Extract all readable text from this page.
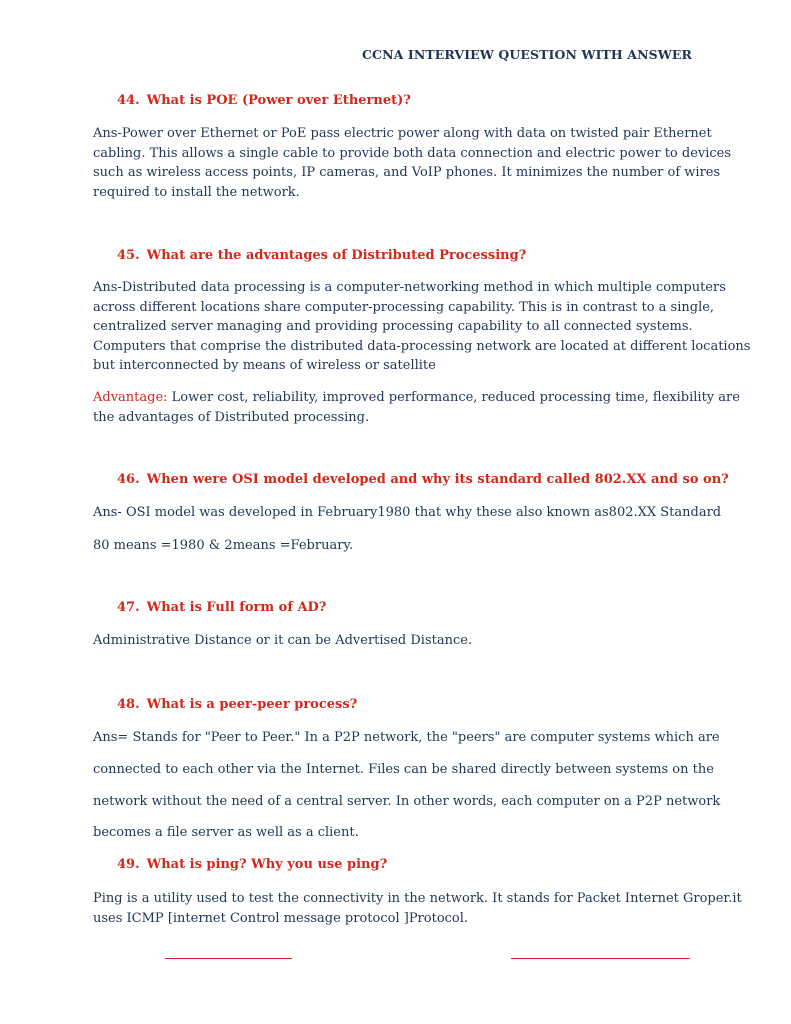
CCNA INTERVIEW QUESTION WITH ANSWER
44. What is POE (Power over Ethernet)?
Ans-Power over Ethernet or PoE pass electric power along with data on twisted pair Ethernet
cabling. This allows a single cable to provide both data connection and electric power to devices
such as wireless access points, IP cameras, and VoIP phones. It minimizes the number of wires
required to install the network.
45. What are the advantages of Distributed Processing?
Ans-Distributed data processing is a computer-networking method in which multiple computers
across different locations share computer-processing capability. This is in contrast to a single,
centralized server managing and providing processing capability to all connected systems.
Computers that comprise the distributed data-processing network are located at different locations
but interconnected by means of wireless or satellite
Advantage: Lower cost, reliability, improved performance, reduced processing time, flexibility are
the advantages of Distributed processing.
46. When were OSI model developed and why its standard called 802.XX and so on?
Ans- OSI model was developed in February1980 that why these also known as802.XX Standard
80 means =1980 & 2means =February.
47. What is Full form of AD?
Administrative Distance or it can be Advertised Distance.
48. What is a peer-peer process?
Ans= Stands for "Peer to Peer." In a P2P network, the "peers" are computer systems which are
connected to each other via the Internet. Files can be shared directly between systems on the
network without the need of a central server. In other words, each computer on a P2P network
becomes a file server as well as a client.
49. What is ping? Why you use ping?
Ping is a utility used to test the connectivity in the network. It stands for Packet Internet Groper.it
uses ICMP [internet Control message protocol ]Protocol.
